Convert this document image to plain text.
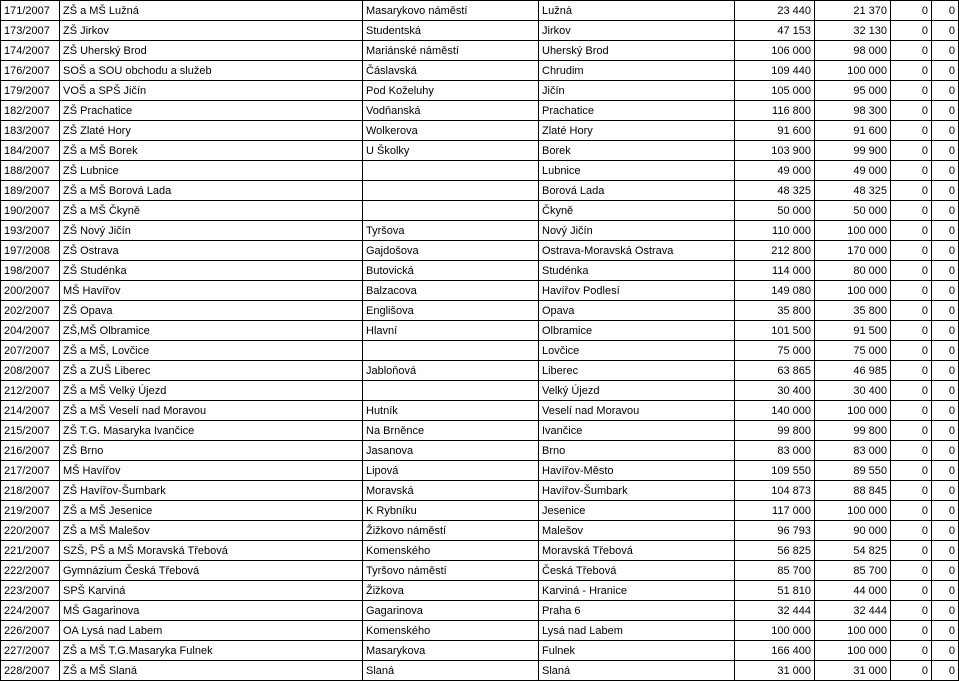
171/2007	ZŠ a MŠ Lužná	Masarykovo náměstí	Lužná	23 440	21 370	0	0
173/2007	ZŠ Jirkov	Studentská	Jirkov	47 153	32 130	0	0
174/2007	ZŠ Uherský Brod	Mariánské náměstí	Uherský Brod	106 000	98 000	0	0
176/2007	SOŠ a SOU obchodu a služeb	Čáslavská	Chrudim	109 440	100 000	0	0
179/2007	VOŠ a SPŠ Jičín	Pod Koželuhy	Jičín	105 000	95 000	0	0
182/2007	ZŠ Prachatice	Vodňanská	Prachatice	116 800	98 300	0	0
183/2007	ZŠ Zlaté Hory	Wolkerova	Zlaté Hory	91 600	91 600	0	0
184/2007	ZŠ a MŠ Borek	U Školky	Borek	103 900	99 900	0	0
188/2007	ZŠ Lubnice		Lubnice	49 000	49 000	0	0
189/2007	ZŠ a MŠ Borová Lada		Borová Lada	48 325	48 325	0	0
190/2007	ZŠ a MŠ Čkyně		Čkyně	50 000	50 000	0	0
193/2007	ZŠ Nový Jičín	Tyršova	Nový Jičín	110 000	100 000	0	0
197/2008	ZŠ Ostrava	Gajdošova	Ostrava-Moravská Ostrava	212 800	170 000	0	0
198/2007	ZŠ Studénka	Butovická	Studénka	114 000	80 000	0	0
200/2007	MŠ Havířov	Balzacova	Havířov Podlesí	149 080	100 000	0	0
202/2007	ZŠ Opava	Englišova	Opava	35 800	35 800	0	0
204/2007	ZŠ,MŠ Olbramice	Hlavní	Olbramice	101 500	91 500	0	0
207/2007	ZŠ a MŠ, Lovčice		Lovčice	75 000	75 000	0	0
208/2007	ZŠ a ZUŠ Liberec	Jabloňová	Liberec	63 865	46 985	0	0
212/2007	ZŠ a MŠ Velký Újezd		Velký Újezd	30 400	30 400	0	0
214/2007	ZŠ a MŠ Veselí nad Moravou	Hutník	Veselí nad Moravou	140 000	100 000	0	0
215/2007	ZŠ T.G. Masaryka Ivančice	Na Brněnce	Ivančice	99 800	99 800	0	0
216/2007	ZŠ Brno	Jasanova	Brno	83 000	83 000	0	0
217/2007	MŠ Havířov	Lipová	Havířov-Město	109 550	89 550	0	0
218/2007	ZŠ Havířov-Šumbark	Moravská	Havířov-Šumbark	104 873	88 845	0	0
219/2007	ZŠ a MŠ Jesenice	K Rybníku	Jesenice	117 000	100 000	0	0
220/2007	ZŠ a MŠ Malešov	Žižkovo náměstí	Malešov	96 793	90 000	0	0
221/2007	SZŠ, PŠ a MŠ Moravská Třebová	Komenského	Moravská Třebová	56 825	54 825	0	0
222/2007	Gymnázium Česká Třebová	Tyršovo náměstí	Česká Třebová	85 700	85 700	0	0
223/2007	SPŠ Karviná	Žižkova	Karviná - Hranice	51 810	44 000	0	0
224/2007	MŠ Gagarinova	Gagarinova	Praha 6	32 444	32 444	0	0
226/2007	OA Lysá nad Labem	Komenského	Lysá nad Labem	100 000	100 000	0	0
227/2007	ZŠ a MŠ T.G.Masaryka Fulnek	Masarykova	Fulnek	166 400	100 000	0	0
228/2007	ZŠ a MŠ Slaná	Slaná	Slaná	31 000	31 000	0	0
